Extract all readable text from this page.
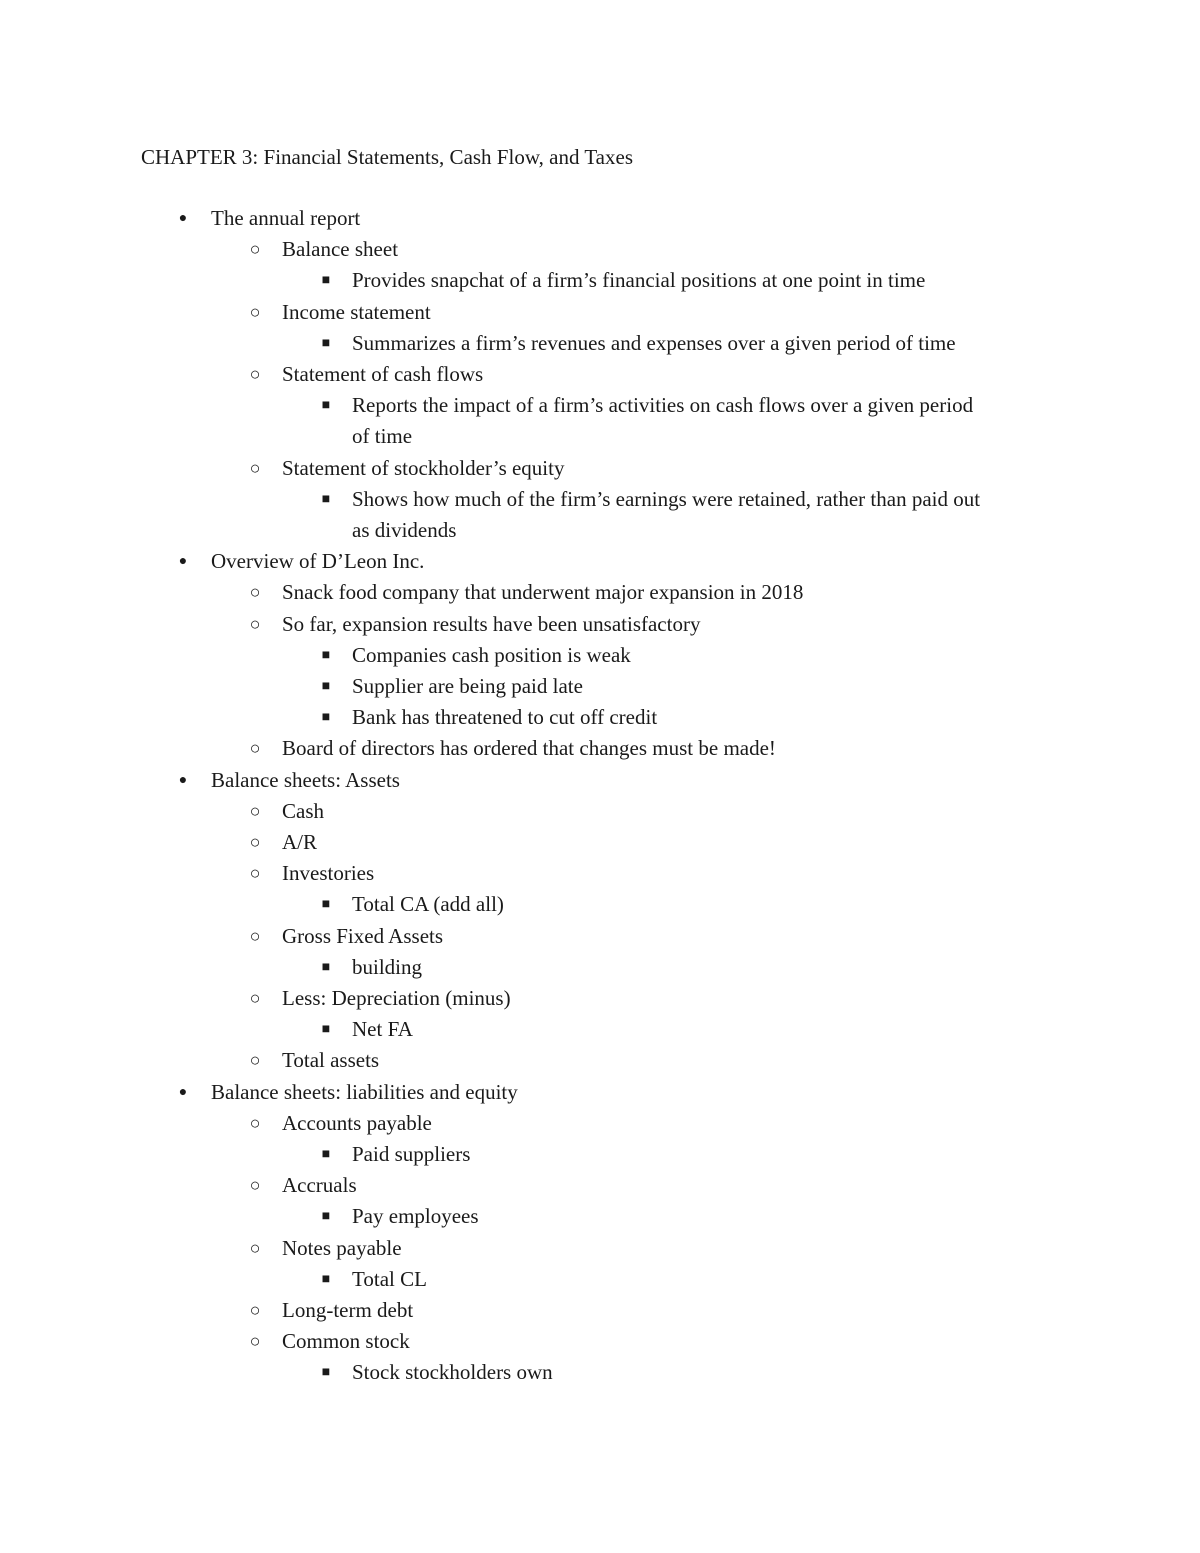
CHAPTER 3: Financial Statements, Cash Flow, and Taxes
● The annual report
○ Balance sheet
■ Provides snapchat of a firm’s financial positions at one point in time
○ Income statement
■ Summarizes a firm’s revenues and expenses over a given period of time
○ Statement of cash flows
■ Reports the impact of a firm’s activities on cash flows over a given period
of time
○ Statement of stockholder’s equity
■ Shows how much of the firm’s earnings were retained, rather than paid out
as dividends
● Overview of D’Leon Inc.
○ Snack food company that underwent major expansion in 2018
○ So far, expansion results have been unsatisfactory
■ Companies cash position is weak
■ Supplier are being paid late
■ Bank has threatened to cut off credit
○ Board of directors has ordered that changes must be made!
● Balance sheets: Assets
○ Cash
○ A/R
○ Investories
■ Total CA (add all)
○ Gross Fixed Assets
■ building
○ Less: Depreciation (minus)
■ Net FA
○ Total assets
● Balance sheets: liabilities and equity
○ Accounts payable
■ Paid suppliers
○ Accruals
■ Pay employees
○ Notes payable
■ Total CL
○ Long-term debt
○ Common stock
■ Stock stockholders own
